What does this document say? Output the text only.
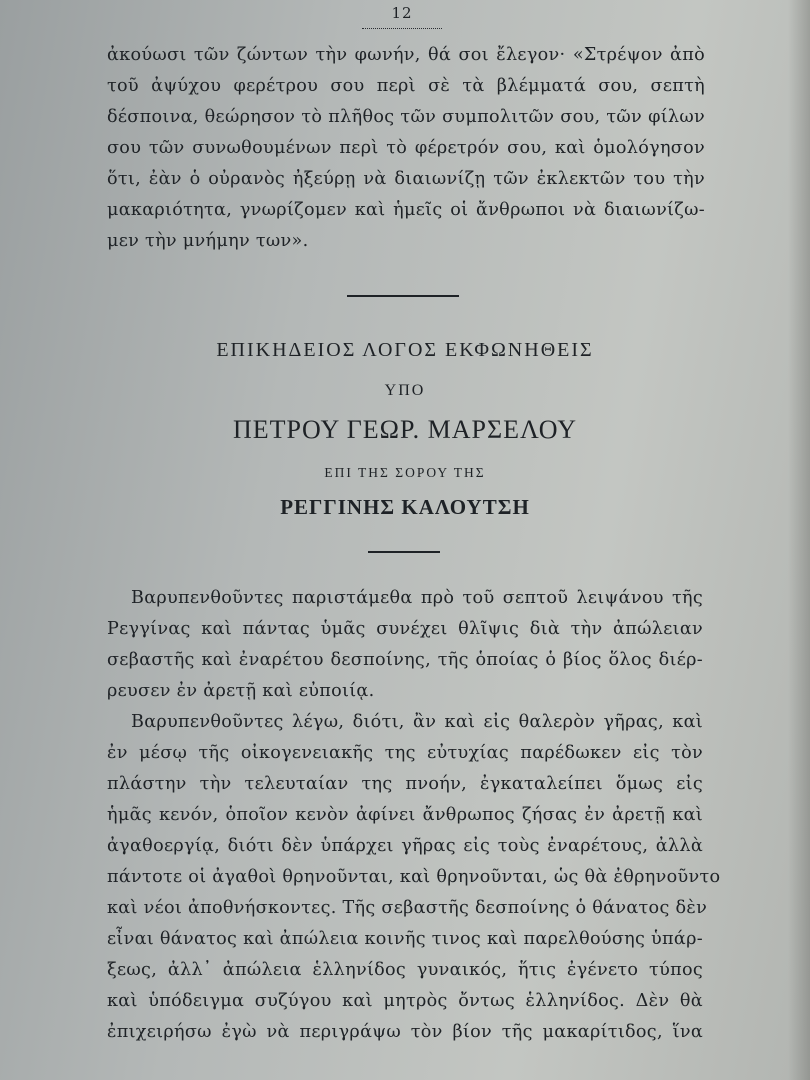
12
ἀκούωσι τῶν ζώντων τὴν φωνήν, θά σοι ἔλεγον· «Στρέψον ἀπὸ
τοῦ ἀψύχου φερέτρου σου περὶ σὲ τὰ βλέμματά σου, σεπτὴ
δέσποινα, θεώρησον τὸ πλῆθος τῶν συμπολιτῶν σου, τῶν φίλων
σου τῶν συνωθουμένων περὶ τὸ φέρετρόν σου, καὶ ὁμολόγησον
ὅτι, ἐὰν ὁ οὐρανὸς ἠξεύρῃ νὰ διαιωνίζῃ τῶν ἐκλεκτῶν του τὴν
μακαριότητα, γνωρίζομεν καὶ ἡμεῖς οἱ ἄνθρωποι νὰ διαιωνίζω-
μεν τὴν μνήμην των».
ΕΠΙΚΗΔΕΙΟΣ ΛΟΓΟΣ ΕΚΦΩΝΗΘΕΙΣ
ΥΠΟ
ΠΕΤΡΟΥ ΓΕΩΡ. ΜΑΡΣΕΛΟΥ
ΕΠΙ ΤΗΣ ΣΟΡΟΥ ΤΗΣ
ΡΕΓΓΙΝΗΣ ΚΑΛΟΥΤΣΗ
Βαρυπενθοῦντες παριστάμεθα πρὸ τοῦ σεπτοῦ λειψάνου τῆς
Ρεγγίνας καὶ πάντας ὑμᾶς συνέχει θλῖψις διὰ τὴν ἀπώλειαν
σεβαστῆς καὶ ἐναρέτου δεσποίνης, τῆς ὁποίας ὁ βίος ὅλος διέρ-
ρευσεν ἐν ἀρετῇ καὶ εὐποιίᾳ.
Βαρυπενθοῦντες λέγω, διότι, ἂν καὶ εἰς θαλερὸν γῆρας, καὶ
ἐν μέσῳ τῆς οἰκογενειακῆς της εὐτυχίας παρέδωκεν εἰς τὸν
πλάστην τὴν τελευταίαν της πνοήν, ἐγκαταλείπει ὅμως εἰς
ἡμᾶς κενόν, ὁποῖον κενὸν ἀφίνει ἄνθρωπος ζήσας ἐν ἀρετῇ καὶ
ἀγαθοεργίᾳ, διότι δὲν ὑπάρχει γῆρας εἰς τοὺς ἐναρέτους, ἀλλὰ
πάντοτε οἱ ἀγαθοὶ θρηνοῦνται, καὶ θρηνοῦνται, ὡς θὰ ἐθρηνοῦντο
καὶ νέοι ἀποθνήσκοντες. Τῆς σεβαστῆς δεσποίνης ὁ θάνατος δὲν
εἶναι θάνατος καὶ ἀπώλεια κοινῆς τινος καὶ παρελθούσης ὑπάρ-
ξεως, ἀλλ᾽ ἀπώλεια ἑλληνίδος γυναικός, ἥτις ἐγένετο τύπος
καὶ ὑπόδειγμα συζύγου καὶ μητρὸς ὄντως ἑλληνίδος. Δὲν θὰ
ἐπιχειρήσω ἐγὼ νὰ περιγράψω τὸν βίον τῆς μακαρίτιδος, ἵνα
